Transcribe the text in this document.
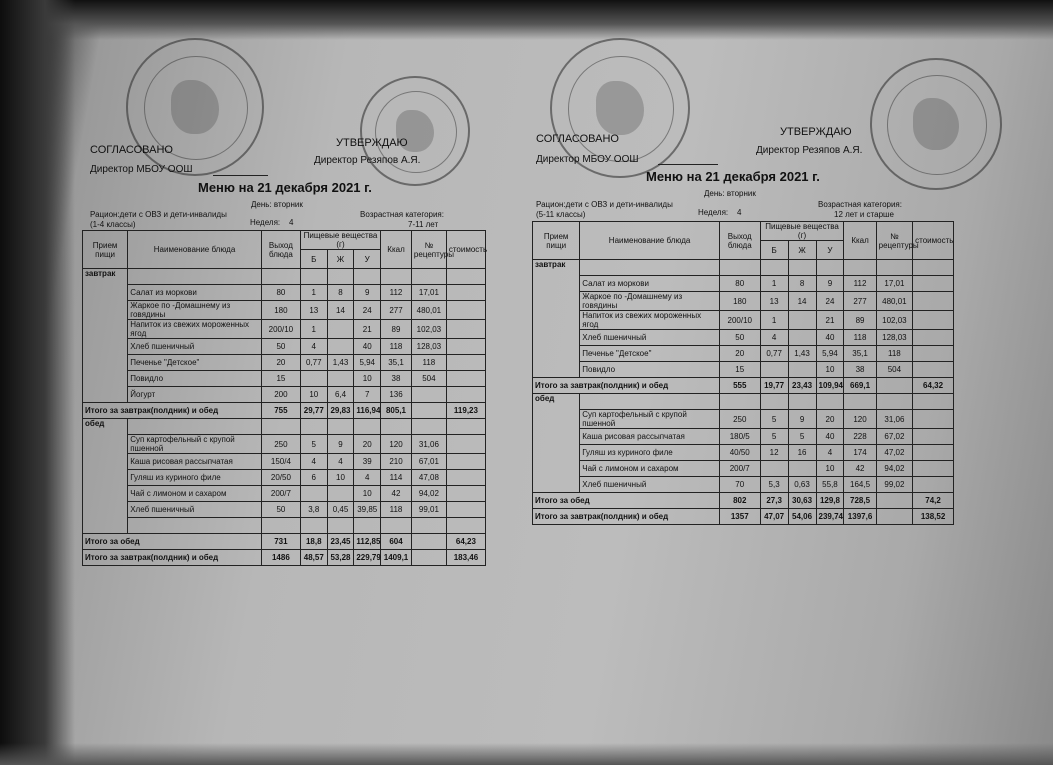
СОГЛАСОВАНО
Директор МБОУ ООШ
УТВЕРЖДАЮ
Директор Резяпов А.Я.
Меню на 21 декабря 2021 г.
День: вторник
Рацион:дети с ОВЗ и дети-инвалиды (1-4 классы)	Неделя: 4
Возрастная категория:
7-11 лет
Прием пищи	Наименование блюда	Выход блюда	Пищевые вещества (г)			Ккал	№ рецептуры	стоимость
			Б	Ж	У			
завтрак								
	Салат из моркови	80	1	8	9	112	17,01	
	Жаркое по -Домашнему из говядины	180	13	14	24	277	480,01	
	Напиток из свежих мороженных ягод	200/10	1		21	89	102,03	
	Хлеб пшеничный	50	4		40	118	128,03	
	Печенье "Детское"	20	0,77	1,43	5,94	35,1	118	
	Повидло	15			10	38	504	
	Йогурт	200	10	6,4	7	136		
Итого за завтрак(полдник) и обед		755	29,77	29,83	116,94	805,1		119,23
обед								
	Суп картофельный с крупой пшенной	250	5	9	20	120	31,06	
	Каша рисовая рассыпчатая	150/4	4	4	39	210	67,01	
	Гуляш из куриного филе	20/50	6	10	4	114	47,08	
	Чай с лимоном и сахаром	200/7			10	42	94,02	
	Хлеб пшеничный	50	3,8	0,45	39,85	118	99,01	

Итого за обед		731	18,8	23,45	112,85	604		64,23
Итого за завтрак(полдник) и обед		1486	48,57	53,28	229,79	1409,1		183,46
СОГЛАСОВАНО
Директор МБОУ ООШ
УТВЕРЖДАЮ
Директор Резяпов А.Я.
Меню на 21 декабря 2021 г.
День: вторник
Рацион:дети с ОВЗ и дети-инвалиды (5-11 классы)	Неделя: 4
Возрастная категория:
12 лет и старше
Прием пищи	Наименование блюда	Выход блюда	Пищевые вещества (г)			Ккал	№ рецептуры	стоимость
			Б	Ж	У			
завтрак								
	Салат из моркови	80	1	8	9	112	17,01	
	Жаркое по -Домашнему из говядины	180	13	14	24	277	480,01	
	Напиток из свежих мороженных ягод	200/10	1		21	89	102,03	
	Хлеб пшеничный	50	4		40	118	128,03	
	Печенье "Детское"	20	0,77	1,43	5,94	35,1	118	
	Повидло	15			10	38	504	
Итого за завтрак(полдник) и обед		555	19,77	23,43	109,94	669,1		64,32
обед								
	Суп картофельный с крупой пшенной	250	5	9	20	120	31,06	
	Каша рисовая рассыпчатая	180/5	5	5	40	228	67,02	
	Гуляш из куриного филе	40/50	12	16	4	174	47,02	
	Чай с лимоном и сахаром	200/7			10	42	94,02	
	Хлеб пшеничный	70	5,3	0,63	55,8	164,5	99,02	
Итого за обед		802	27,3	30,63	129,8	728,5		74,2
Итого за завтрак(полдник) и обед		1357	47,07	54,06	239,74	1397,6		138,52
